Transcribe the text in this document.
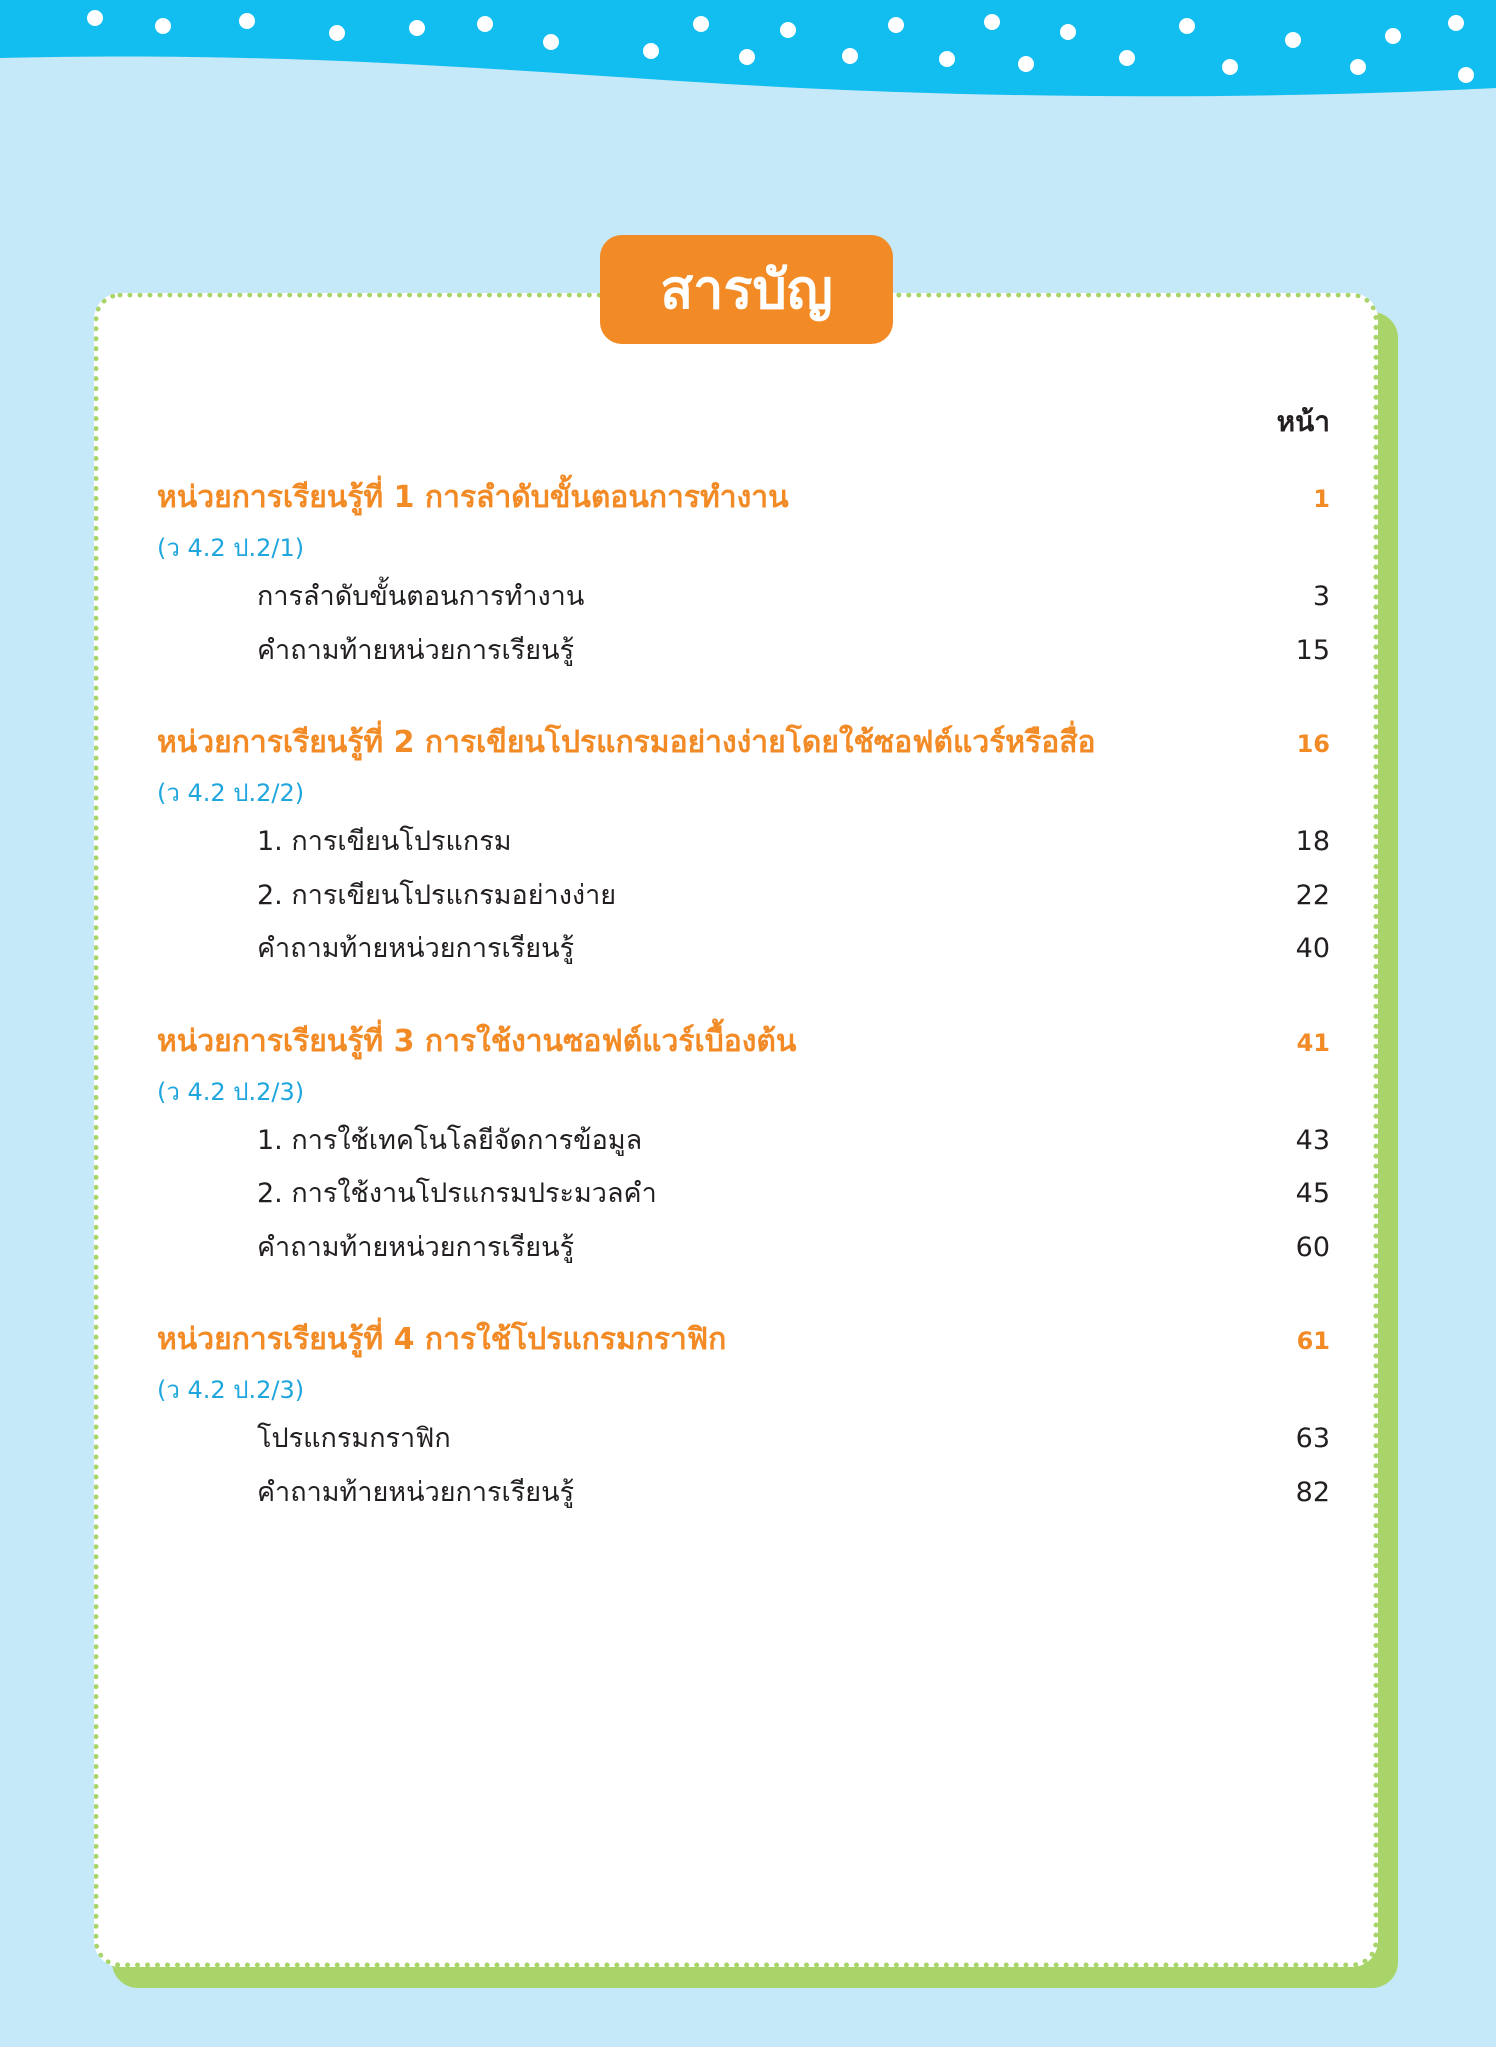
สารบัญ
หน้า
หน่วยการเรียนรู้ที่ 1 การลำดับขั้นตอนการทำงาน	1
(ว 4.2 ป.2/1)
การลำดับขั้นตอนการทำงาน	3
คำถามท้ายหน่วยการเรียนรู้	15
หน่วยการเรียนรู้ที่ 2 การเขียนโปรแกรมอย่างง่ายโดยใช้ซอฟต์แวร์หรือสื่อ	16
(ว 4.2 ป.2/2)
1. การเขียนโปรแกรม	18
2. การเขียนโปรแกรมอย่างง่าย	22
คำถามท้ายหน่วยการเรียนรู้	40
หน่วยการเรียนรู้ที่ 3 การใช้งานซอฟต์แวร์เบื้องต้น	41
(ว 4.2 ป.2/3)
1. การใช้เทคโนโลยีจัดการข้อมูล	43
2. การใช้งานโปรแกรมประมวลคำ	45
คำถามท้ายหน่วยการเรียนรู้	60
หน่วยการเรียนรู้ที่ 4 การใช้โปรแกรมกราฟิก	61
(ว 4.2 ป.2/3)
โปรแกรมกราฟิก	63
คำถามท้ายหน่วยการเรียนรู้	82
